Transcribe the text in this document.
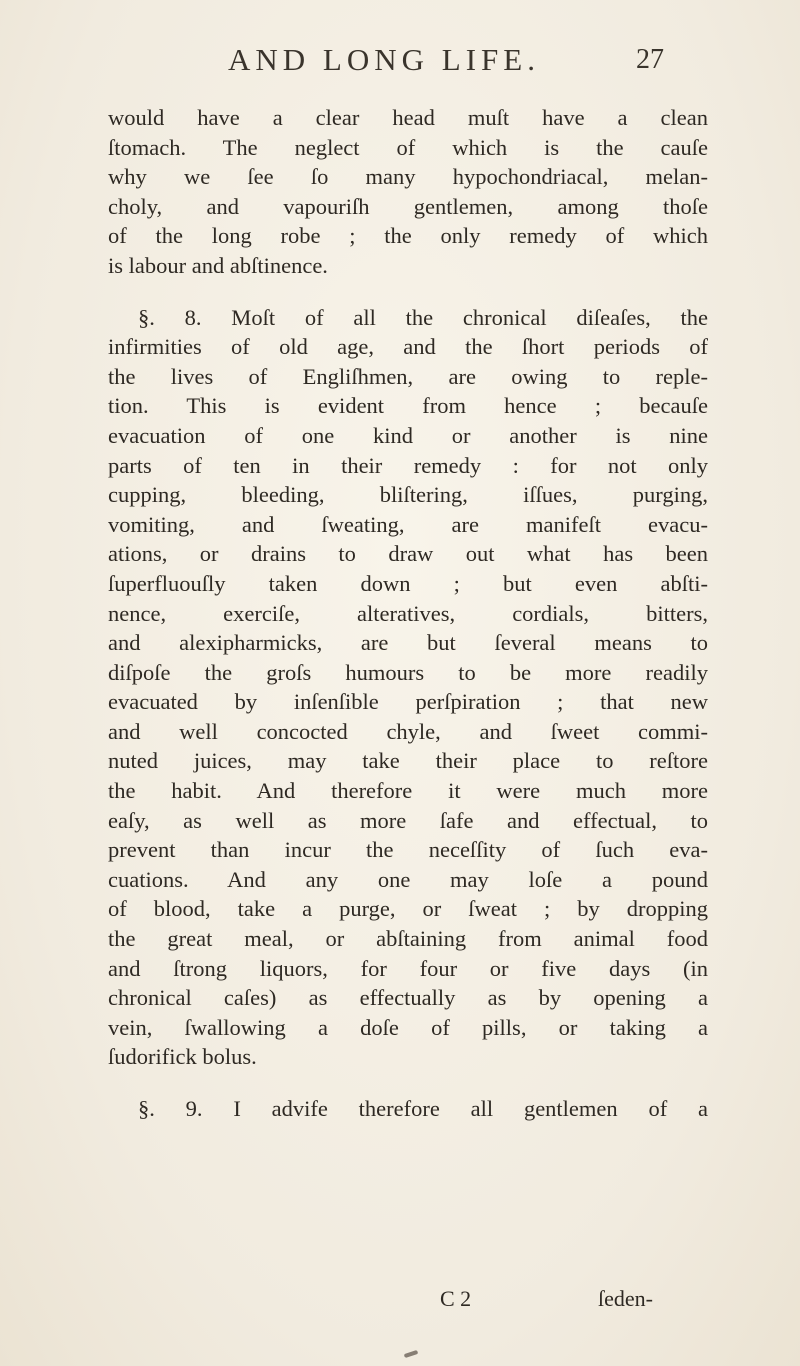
AND LONG LIFE.	27
would have a clear head muſt have a clean
ſtomach. The neglect of which is the cauſe
why we ſee ſo many hypochondriacal, melan-
choly, and vapouriſh gentlemen, among thoſe
of the long robe ; the only remedy of which
is labour and abſtinence.
§. 8. Moſt of all the chronical diſeaſes, the
infirmities of old age, and the ſhort periods of
the lives of Engliſhmen, are owing to reple-
tion. This is evident from hence ; becauſe
evacuation of one kind or another is nine
parts of ten in their remedy : for not only
cupping, bleeding, bliſtering, iſſues, purging,
vomiting, and ſweating, are manifeſt evacu-
ations, or drains to draw out what has been
ſuperfluouſly taken down ; but even abſti-
nence, exerciſe, alteratives, cordials, bitters,
and alexipharmicks, are but ſeveral means to
diſpoſe the groſs humours to be more readily
evacuated by inſenſible perſpiration ; that new
and well concocted chyle, and ſweet commi-
nuted juices, may take their place to reſtore
the habit. And therefore it were much more
eaſy, as well as more ſafe and effectual, to
prevent than incur the neceſſity of ſuch eva-
cuations. And any one may loſe a pound
of blood, take a purge, or ſweat ; by dropping
the great meal, or abſtaining from animal food
and ſtrong liquors, for four or five days (in
chronical caſes) as effectually as by opening a
vein, ſwallowing a doſe of pills, or taking a
ſudorifick bolus.
§. 9. I advife therefore all gentlemen of a
C 2	ſeden-
